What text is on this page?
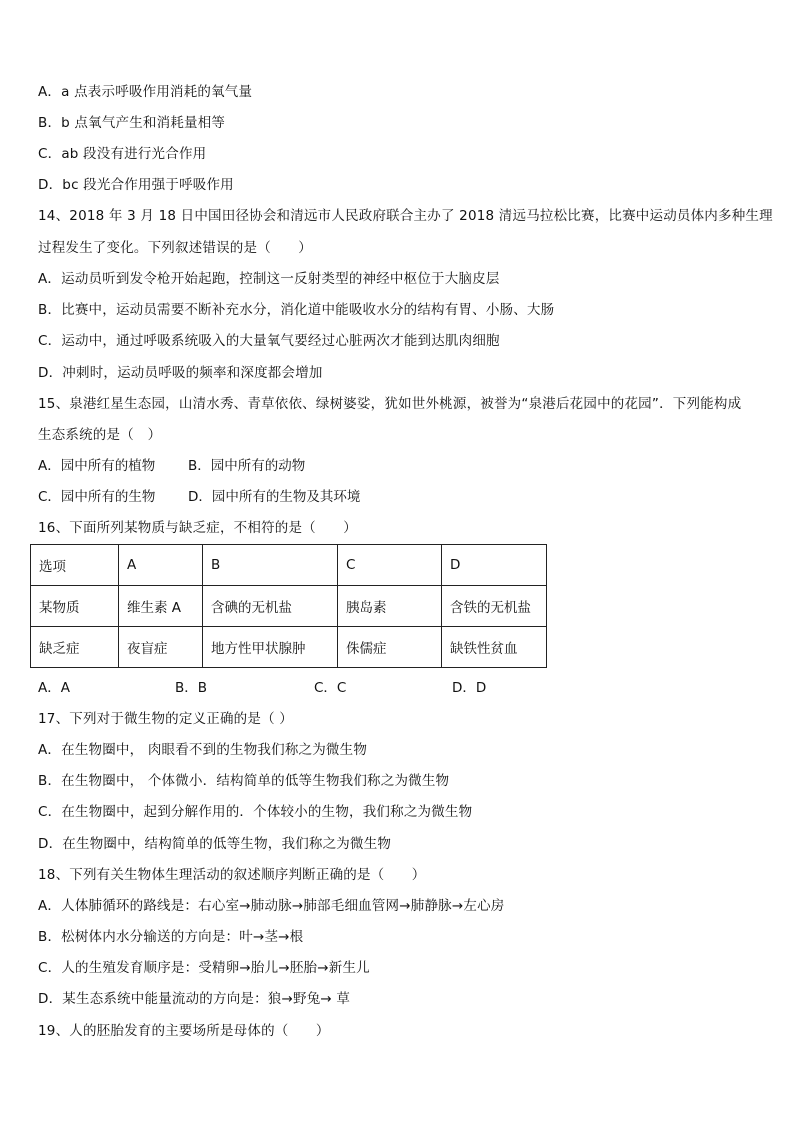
A．a 点表示呼吸作用消耗的氧气量
B．b 点氧气产生和消耗量相等
C．ab 段没有进行光合作用
D．bc 段光合作用强于呼吸作用
14、2018 年 3 月 18 日中国田径协会和清远市人民政府联合主办了 2018 清远马拉松比赛，比赛中运动员体内多种生理
过程发生了变化。下列叙述错误的是（　　）
A．运动员听到发令枪开始起跑，控制这一反射类型的神经中枢位于大脑皮层
B．比赛中，运动员需要不断补充水分，消化道中能吸收水分的结构有胃、小肠、大肠
C．运动中，通过呼吸系统吸入的大量氧气要经过心脏两次才能到达肌肉细胞
D．冲刺时，运动员呼吸的频率和深度都会增加
15、泉港红星生态园，山清水秀、青草依依、绿树婆娑，犹如世外桃源，被誉为“泉港后花园中的花园”．下列能构成
生态系统的是（　）
A．园中所有的植物 B．园中所有的动物
C．园中所有的生物 D．园中所有的生物及其环境
16、下面所列某物质与缺乏症，不相符的是（　　）
选项	A	B	C	D
某物质	维生素 A	含碘的无机盐	胰岛素	含铁的无机盐
缺乏症	夜盲症	地方性甲状腺肿	侏儒症	缺铁性贫血
A．A	B．B	C．C	D．D
17、下列对于微生物的定义正确的是（ ）
A．在生物圈中， 肉眼看不到的生物我们称之为微生物
B．在生物圈中， 个体微小．结构简单的低等生物我们称之为微生物
C．在生物圈中，起到分解作用的．个体较小的生物，我们称之为微生物
D．在生物圈中，结构简单的低等生物，我们称之为微生物
18、下列有关生物体生理活动的叙述顺序判断正确的是（　　）
A．人体肺循环的路线是：右心室→肺动脉→肺部毛细血管网→肺静脉→左心房
B．松树体内水分输送的方向是：叶→茎→根
C．人的生殖发育顺序是：受精卵→胎儿→胚胎→新生儿
D．某生态系统中能量流动的方向是：狼→野兔→ 草
19、人的胚胎发育的主要场所是母体的（　　）
